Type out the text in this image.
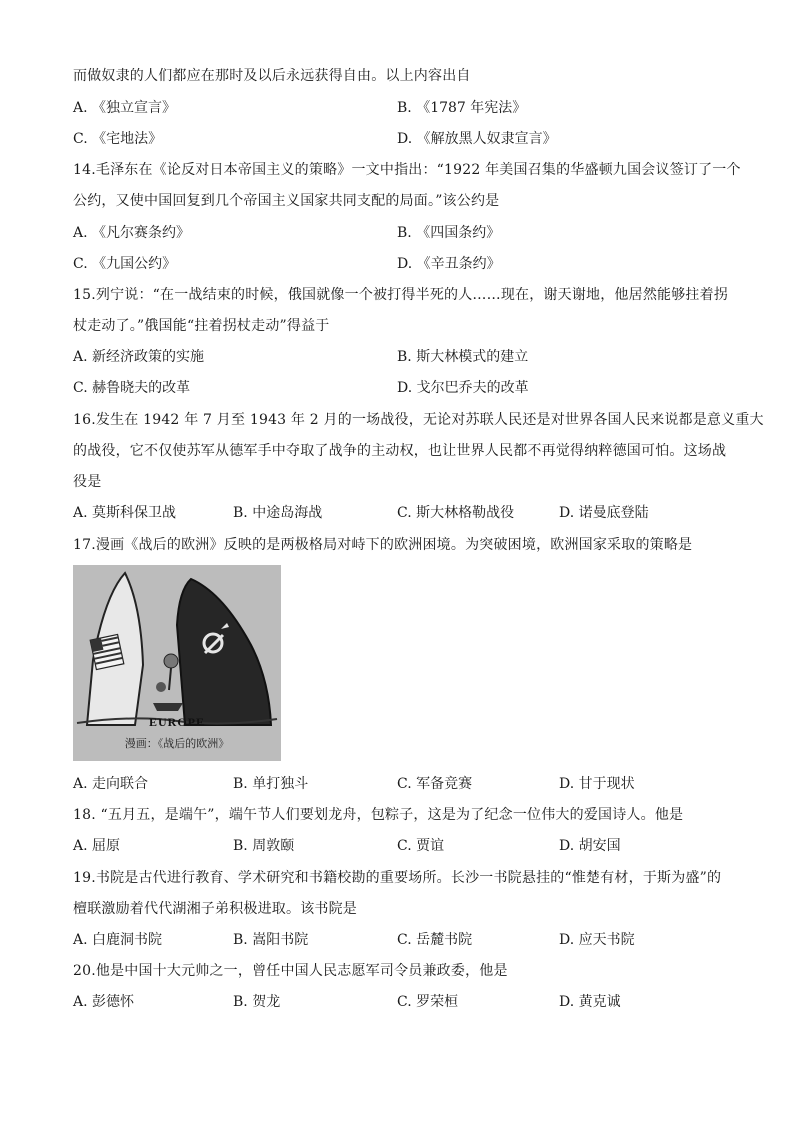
而做奴隶的人们都应在那时及以后永远获得自由。以上内容出自
A. 《独立宣言》	B. 《1787 年宪法》
C. 《宅地法》	D. 《解放黑人奴隶宣言》
14.毛泽东在《论反对日本帝国主义的策略》一文中指出：“1922 年美国召集的华盛顿九国会议签订了一个
公约，又使中国回复到几个帝国主义国家共同支配的局面。”该公约是
A. 《凡尔赛条约》	B. 《四国条约》
C. 《九国公约》	D. 《辛丑条约》
15.列宁说：“在一战结束的时候，俄国就像一个被打得半死的人……现在，谢天谢地，他居然能够拄着拐
杖走动了。”俄国能“拄着拐杖走动”得益于
A. 新经济政策的实施	B. 斯大林模式的建立
C. 赫鲁晓夫的改革	D. 戈尔巴乔夫的改革
16.发生在 1942 年 7 月至 1943 年 2 月的一场战役，无论对苏联人民还是对世界各国人民来说都是意义重大
的战役，它不仅使苏军从德军手中夺取了战争的主动权，也让世界人民都不再觉得纳粹德国可怕。这场战
役是
A. 莫斯科保卫战	B. 中途岛海战	C. 斯大林格勒战役	D. 诺曼底登陆
17.漫画《战后的欧洲》反映的是两极格局对峙下的欧洲困境。为突破困境，欧洲国家采取的策略是
EUROPE
漫画：《战后的欧洲》
A. 走向联合	B. 单打独斗	C. 军备竞赛	D. 甘于现状
18. “五月五，是端午”，端午节人们要划龙舟，包粽子，这是为了纪念一位伟大的爱国诗人。他是
A. 屈原	B. 周敦颐	C. 贾谊	D. 胡安国
19.书院是古代进行教育、学术研究和书籍校勘的重要场所。长沙一书院悬挂的“惟楚有材，于斯为盛”的
檀联激励着代代湖湘子弟积极进取。该书院是
A. 白鹿洞书院	B. 嵩阳书院	C. 岳麓书院	D. 应天书院
20.他是中国十大元帅之一，曾任中国人民志愿军司令员兼政委，他是
A. 彭德怀	B. 贺龙	C. 罗荣桓	D. 黄克诚
